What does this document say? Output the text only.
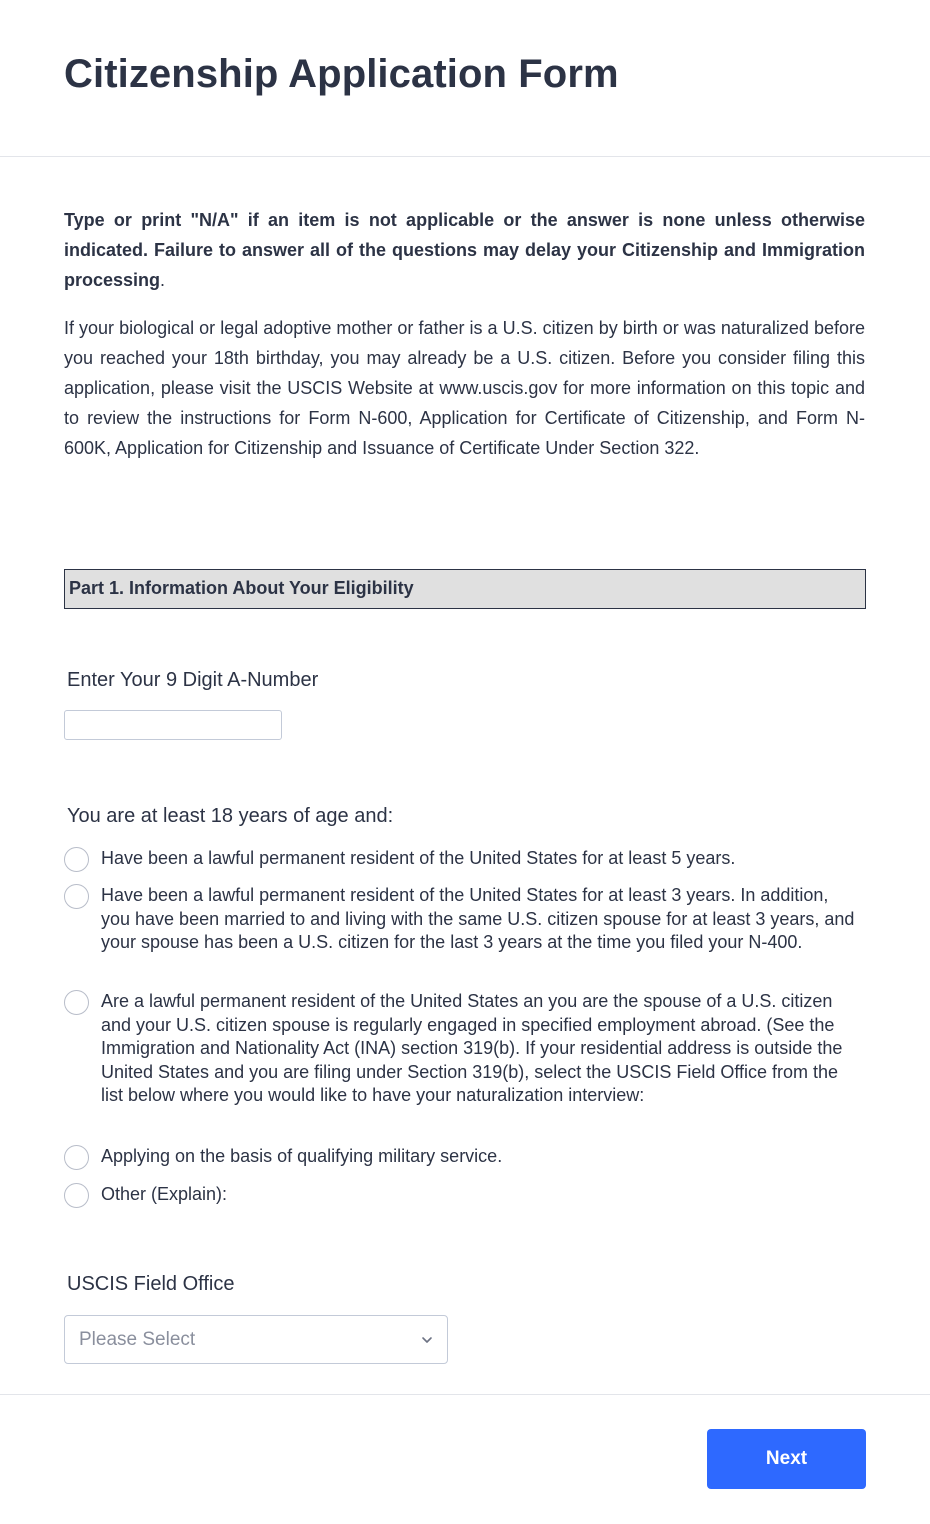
Citizenship Application Form

Type or print "N/A" if an item is not applicable or the answer is none unless otherwise indicated. Failure to answer all of the questions may delay your Citizenship and Immigration processing.

If your biological or legal adoptive mother or father is a U.S. citizen by birth or was naturalized before you reached your 18th birthday, you may already be a U.S. citizen. Before you consider filing this application, please visit the USCIS Website at www.uscis.gov for more information on this topic and to review the instructions for Form N-600, Application for Certificate of Citizenship, and Form N-600K, Application for Citizenship and Issuance of Certificate Under Section 322.

Part 1. Information About Your Eligibility
Enter Your 9 Digit A-Number
You are at least 18 years of age and:
Have been a lawful permanent resident of the United States for at least 5 years.
Have been a lawful permanent resident of the United States for at least 3 years. In addition, you have been married to and living with the same U.S. citizen spouse for at least 3 years, and your spouse has been a U.S. citizen for the last 3 years at the time you filed your N-400.
Are a lawful permanent resident of the United States an you are the spouse of a U.S. citizen and your U.S. citizen spouse is regularly engaged in specified employment abroad. (See the Immigration and Nationality Act (INA) section 319(b). If your residential address is outside the United States and you are filing under Section 319(b), select the USCIS Field Office from the list below where you would like to have your naturalization interview:
Applying on the basis of qualifying military service.
Other (Explain):
USCIS Field Office
Please Select
Next
